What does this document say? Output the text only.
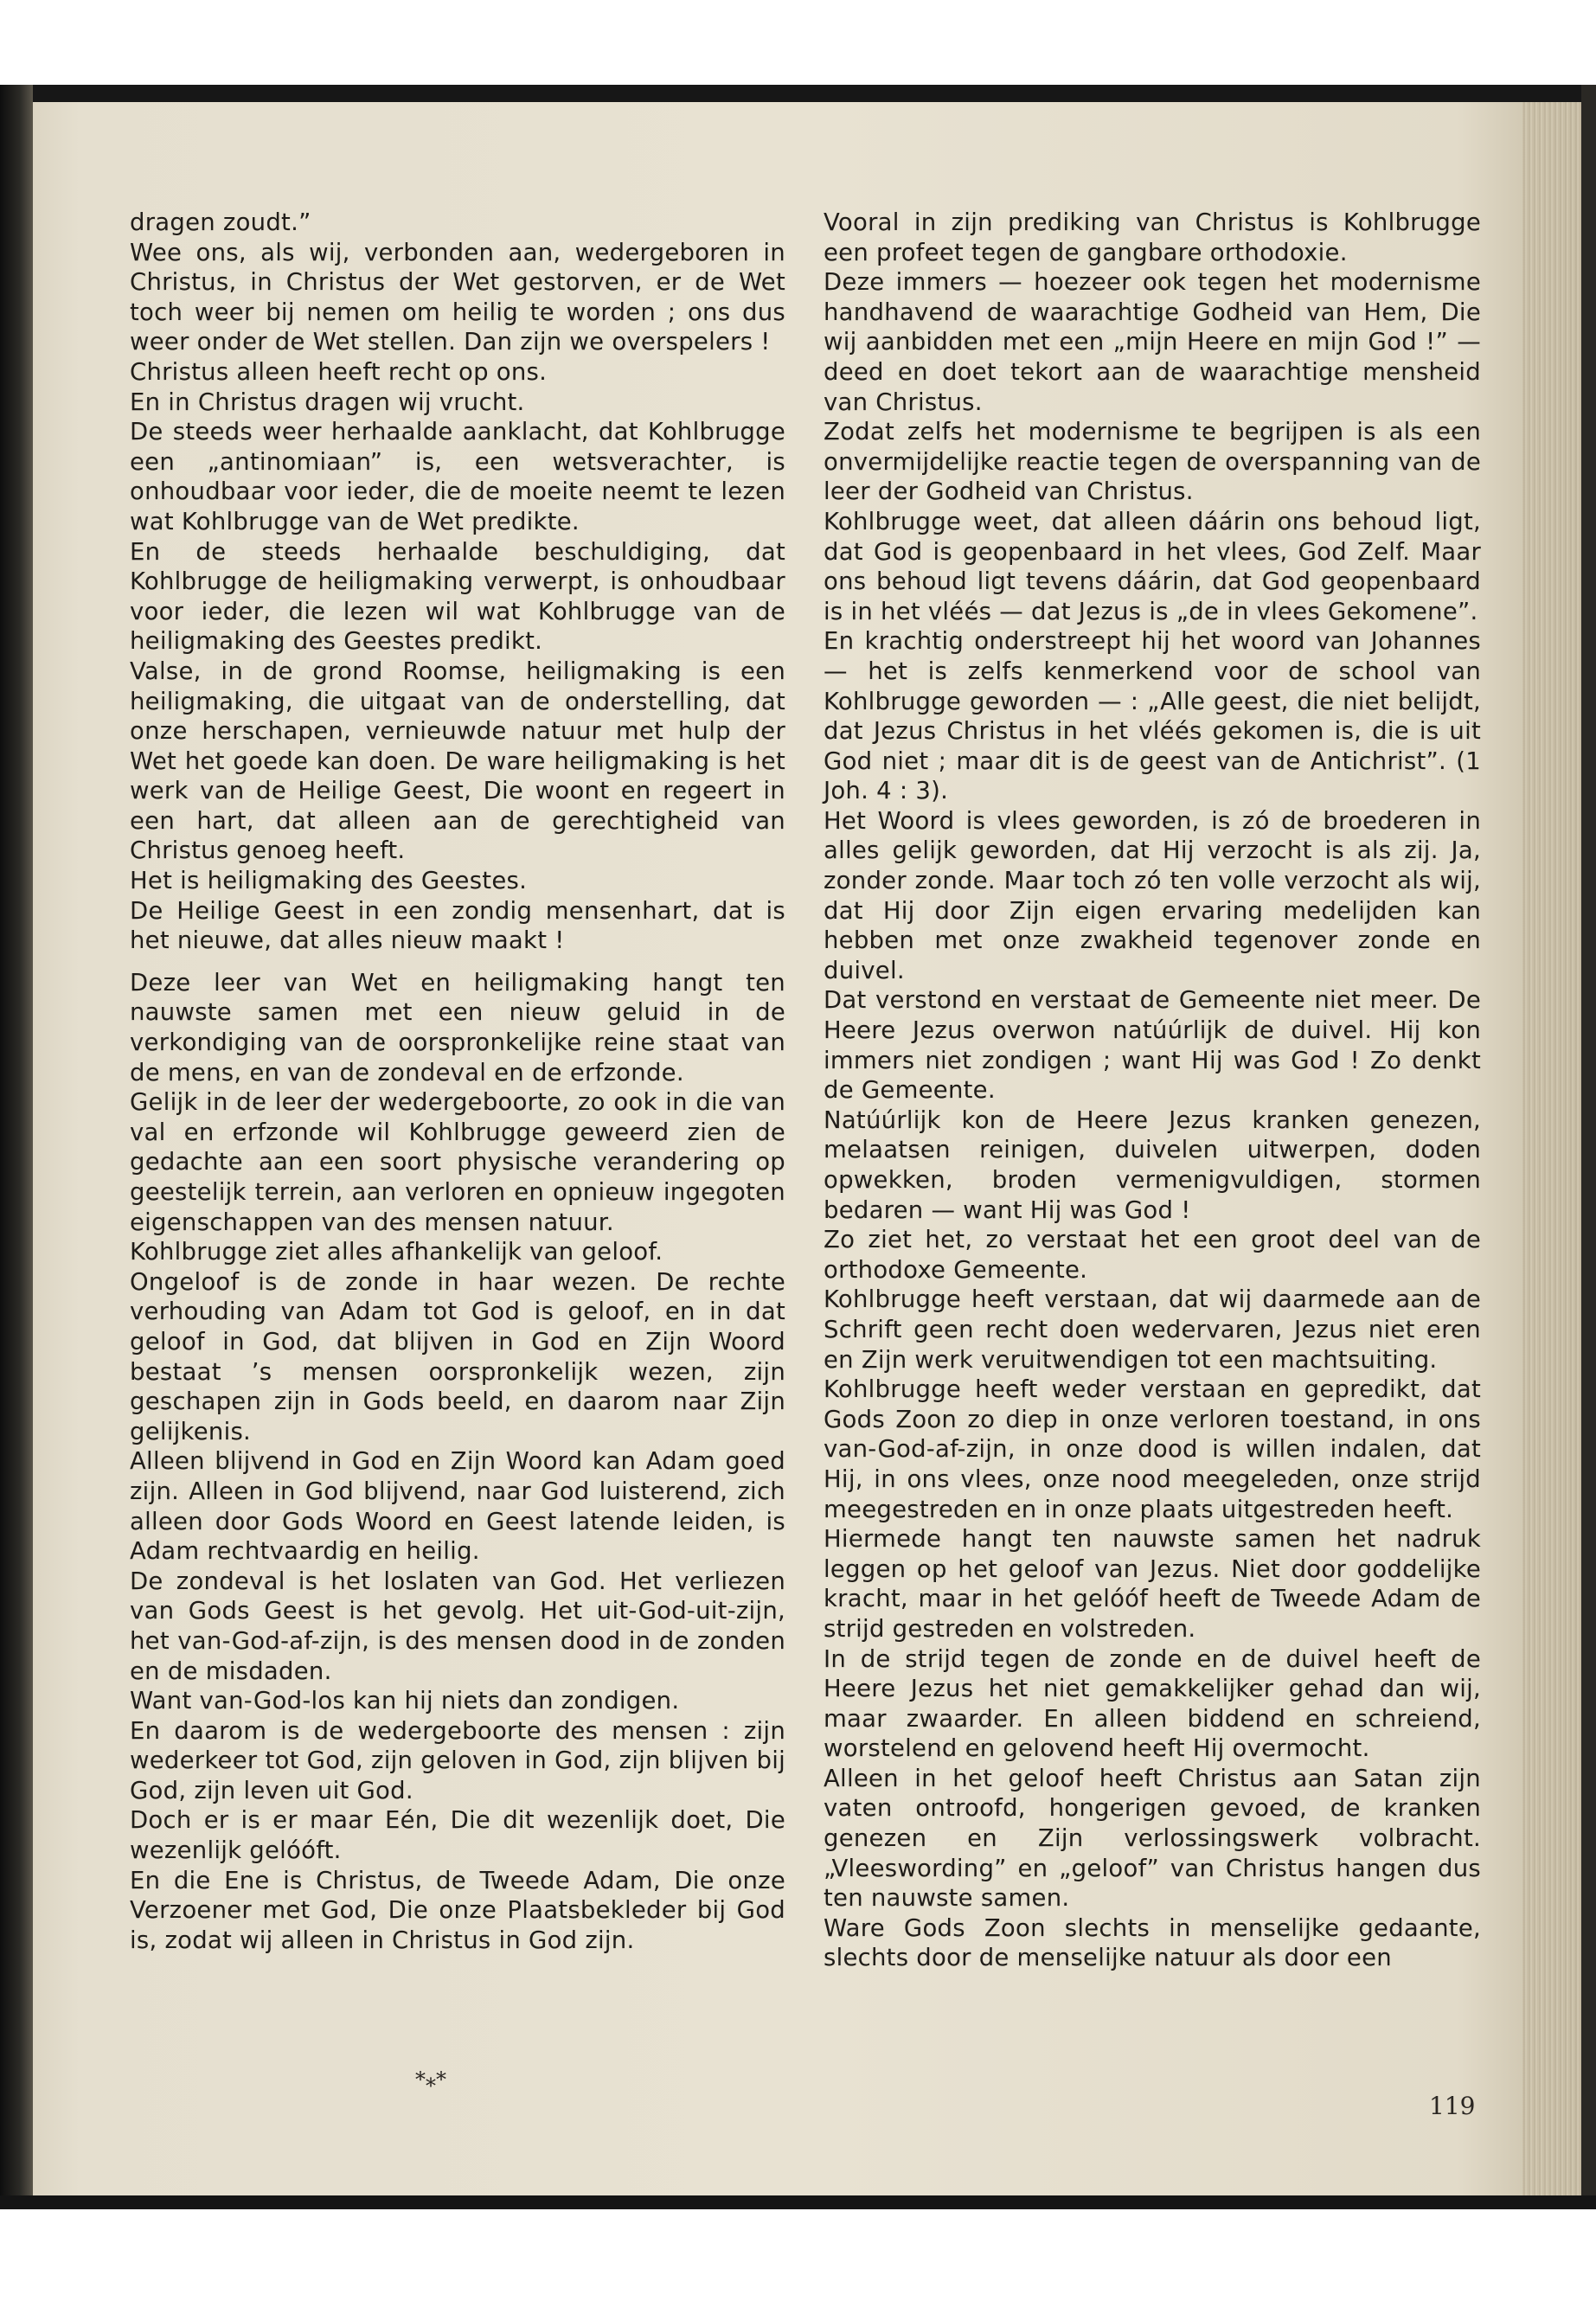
dragen zoudt.”

Wee ons, als wij, verbonden aan, wedergeboren in Christus, in Christus der Wet gestorven, er de Wet toch weer bij nemen om heilig te worden ; ons dus weer onder de Wet stellen. Dan zijn we overspelers !

Christus alleen heeft recht op ons.

En in Christus dragen wij vrucht.

De steeds weer herhaalde aanklacht, dat Kohlbrugge een „antinomiaan” is, een wetsverachter, is onhoudbaar voor ieder, die de moeite neemt te lezen wat Kohlbrugge van de Wet predikte.

En de steeds herhaalde beschuldiging, dat Kohlbrugge de heiligmaking verwerpt, is onhoudbaar voor ieder, die lezen wil wat Kohlbrugge van de heiligmaking des Geestes predikt.

Valse, in de grond Roomse, heiligmaking is een heiligmaking, die uitgaat van de onderstelling, dat onze herschapen, vernieuwde natuur met hulp der Wet het goede kan doen. De ware heiligmaking is het werk van de Heilige Geest, Die woont en regeert in een hart, dat alleen aan de gerechtigheid van Christus genoeg heeft.

Het is heiligmaking des Geestes.

De Heilige Geest in een zondig mensenhart, dat is het nieuwe, dat alles nieuw maakt !

Deze leer van Wet en heiligmaking hangt ten nauwste samen met een nieuw geluid in de verkondiging van de oorspronkelijke reine staat van de mens, en van de zondeval en de erfzonde.

Gelijk in de leer der wedergeboorte, zo ook in die van val en erfzonde wil Kohlbrugge geweerd zien de gedachte aan een soort physische verandering op geestelijk terrein, aan verloren en opnieuw ingegoten eigenschappen van des mensen natuur.

Kohlbrugge ziet alles afhankelijk van geloof.

Ongeloof is de zonde in haar wezen. De rechte verhouding van Adam tot God is geloof, en in dat geloof in God, dat blijven in God en Zijn Woord bestaat ’s mensen oorspronkelijk wezen, zijn geschapen zijn in Gods beeld, en daarom naar Zijn gelijkenis.

Alleen blijvend in God en Zijn Woord kan Adam goed zijn. Alleen in God blijvend, naar God luisterend, zich alleen door Gods Woord en Geest latende leiden, is Adam rechtvaardig en heilig.

De zondeval is het loslaten van God. Het verliezen van Gods Geest is het gevolg. Het uit-God-uit-zijn, het van-God-af-zijn, is des mensen dood in de zonden en de misdaden.

Want van-God-los kan hij niets dan zondigen.

En daarom is de wedergeboorte des mensen : zijn wederkeer tot God, zijn geloven in God, zijn blijven bij God, zijn leven uit God.

Doch er is er maar Eén, Die dit wezenlijk doet, Die wezenlijk gelóóft.

En die Ene is Christus, de Tweede Adam, Die onze Verzoener met God, Die onze Plaatsbekleder bij God is, zodat wij alleen in Christus in God zijn.

*⁎*

Vooral in zijn prediking van Christus is Kohlbrugge een profeet tegen de gangbare orthodoxie.

Deze immers — hoezeer ook tegen het modernisme handhavend de waarachtige Godheid van Hem, Die wij aanbidden met een „mijn Heere en mijn God !” — deed en doet tekort aan de waarachtige mensheid van Christus.

Zodat zelfs het modernisme te begrijpen is als een onvermijdelijke reactie tegen de overspanning van de leer der Godheid van Christus.

Kohlbrugge weet, dat alleen dáárin ons behoud ligt, dat God is geopenbaard in het vlees, God Zelf. Maar ons behoud ligt tevens dáárin, dat God geopenbaard is in het vléés — dat Jezus is „de in vlees Gekomene”.

En krachtig onderstreept hij het woord van Johannes — het is zelfs kenmerkend voor de school van Kohlbrugge geworden — : „Alle geest, die niet belijdt, dat Jezus Christus in het vléés gekomen is, die is uit God niet ; maar dit is de geest van de Antichrist”. (1 Joh. 4 : 3).

Het Woord is vlees geworden, is zó de broederen in alles gelijk geworden, dat Hij verzocht is als zij. Ja, zonder zonde. Maar toch zó ten volle verzocht als wij, dat Hij door Zijn eigen ervaring medelijden kan hebben met onze zwakheid tegenover zonde en duivel.

Dat verstond en verstaat de Gemeente niet meer. De Heere Jezus overwon natúúrlijk de duivel. Hij kon immers niet zondigen ; want Hij was God ! Zo denkt de Gemeente.

Natúúrlijk kon de Heere Jezus kranken genezen, melaatsen reinigen, duivelen uitwerpen, doden opwekken, broden vermenigvuldigen, stormen bedaren — want Hij was God !

Zo ziet het, zo verstaat het een groot deel van de orthodoxe Gemeente.

Kohlbrugge heeft verstaan, dat wij daarmede aan de Schrift geen recht doen wedervaren, Jezus niet eren en Zijn werk veruitwendigen tot een machtsuiting.

Kohlbrugge heeft weder verstaan en gepredikt, dat Gods Zoon zo diep in onze verloren toestand, in ons van-God-af-zijn, in onze dood is willen indalen, dat Hij, in ons vlees, onze nood meegeleden, onze strijd meegestreden en in onze plaats uitgestreden heeft.

Hiermede hangt ten nauwste samen het nadruk leggen op het geloof van Jezus. Niet door goddelijke kracht, maar in het gelóóf heeft de Tweede Adam de strijd gestreden en volstreden.

In de strijd tegen de zonde en de duivel heeft de Heere Jezus het niet gemakkelijker gehad dan wij, maar zwaarder. En alleen biddend en schreiend, worstelend en gelovend heeft Hij overmocht.

Alleen in het geloof heeft Christus aan Satan zijn vaten ontroofd, hongerigen gevoed, de kranken genezen en Zijn verlossingswerk volbracht. „Vleeswording” en „geloof” van Christus hangen dus ten nauwste samen.

Ware Gods Zoon slechts in menselijke gedaante, slechts door de menselijke natuur als door een

119
